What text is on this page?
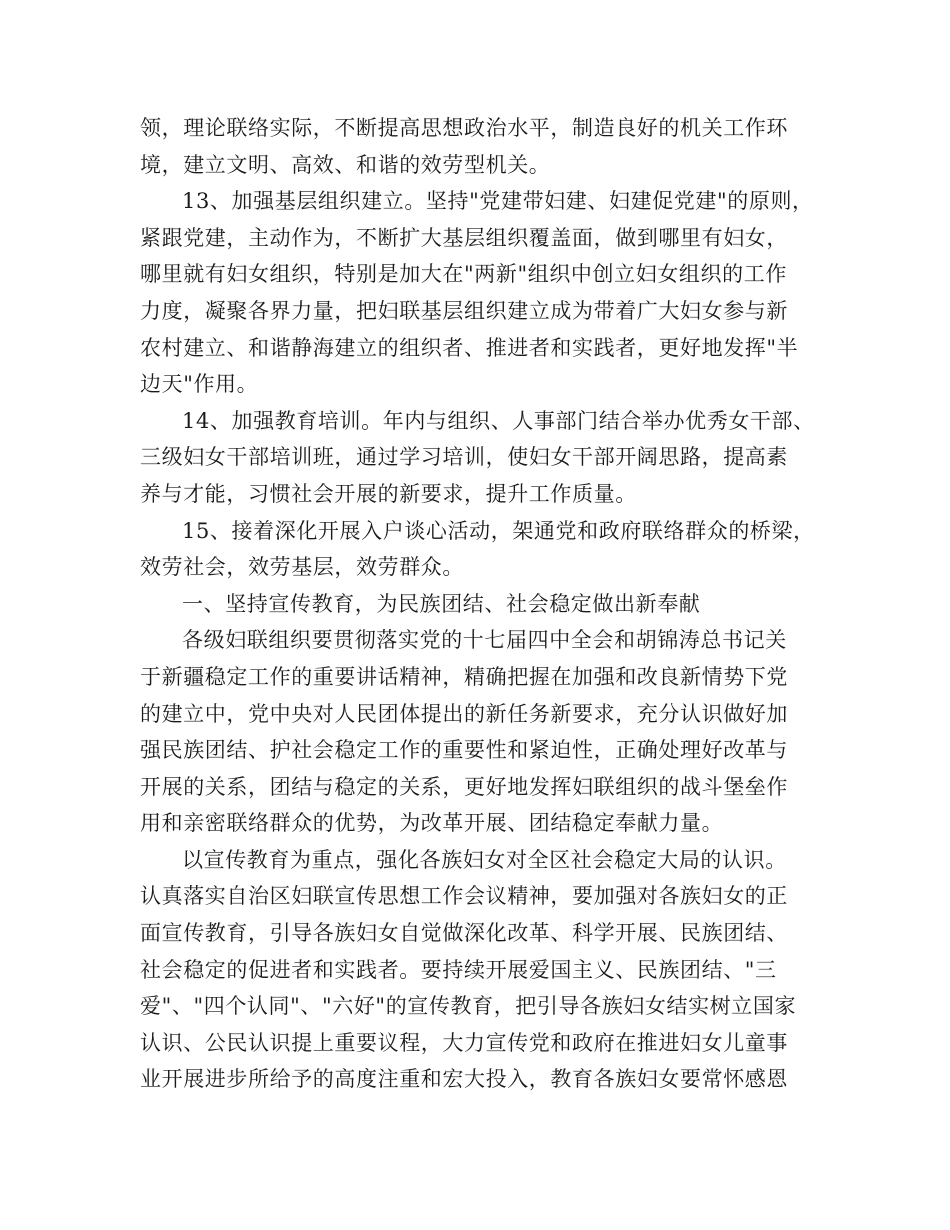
领，理论联络实际，不断提高思想政治水平，制造良好的机关工作环
境，建立文明、高效、和谐的效劳型机关。
13、加强基层组织建立。坚持"党建带妇建、妇建促党建"的原则，
紧跟党建，主动作为，不断扩大基层组织覆盖面，做到哪里有妇女，
哪里就有妇女组织，特别是加大在"两新"组织中创立妇女组织的工作
力度，凝聚各界力量，把妇联基层组织建立成为带着广大妇女参与新
农村建立、和谐静海建立的组织者、推进者和实践者，更好地发挥"半
边天"作用。
14、加强教育培训。年内与组织、人事部门结合举办优秀女干部、
三级妇女干部培训班，通过学习培训，使妇女干部开阔思路，提高素
养与才能，习惯社会开展的新要求，提升工作质量。
15、接着深化开展入户谈心活动，架通党和政府联络群众的桥梁，
效劳社会，效劳基层，效劳群众。
一、坚持宣传教育，为民族团结、社会稳定做出新奉献
各级妇联组织要贯彻落实党的十七届四中全会和胡锦涛总书记关
于新疆稳定工作的重要讲话精神，精确把握在加强和改良新情势下党
的建立中，党中央对人民团体提出的新任务新要求，充分认识做好加
强民族团结、护社会稳定工作的重要性和紧迫性，正确处理好改革与
开展的关系，团结与稳定的关系，更好地发挥妇联组织的战斗堡垒作
用和亲密联络群众的优势，为改革开展、团结稳定奉献力量。
以宣传教育为重点，强化各族妇女对全区社会稳定大局的认识。
认真落实自治区妇联宣传思想工作会议精神，要加强对各族妇女的正
面宣传教育，引导各族妇女自觉做深化改革、科学开展、民族团结、
社会稳定的促进者和实践者。要持续开展爱国主义、民族团结、"三
爱"、"四个认同"、"六好"的宣传教育，把引导各族妇女结实树立国家
认识、公民认识提上重要议程，大力宣传党和政府在推进妇女儿童事
业开展进步所给予的高度注重和宏大投入，教育各族妇女要常怀感恩
